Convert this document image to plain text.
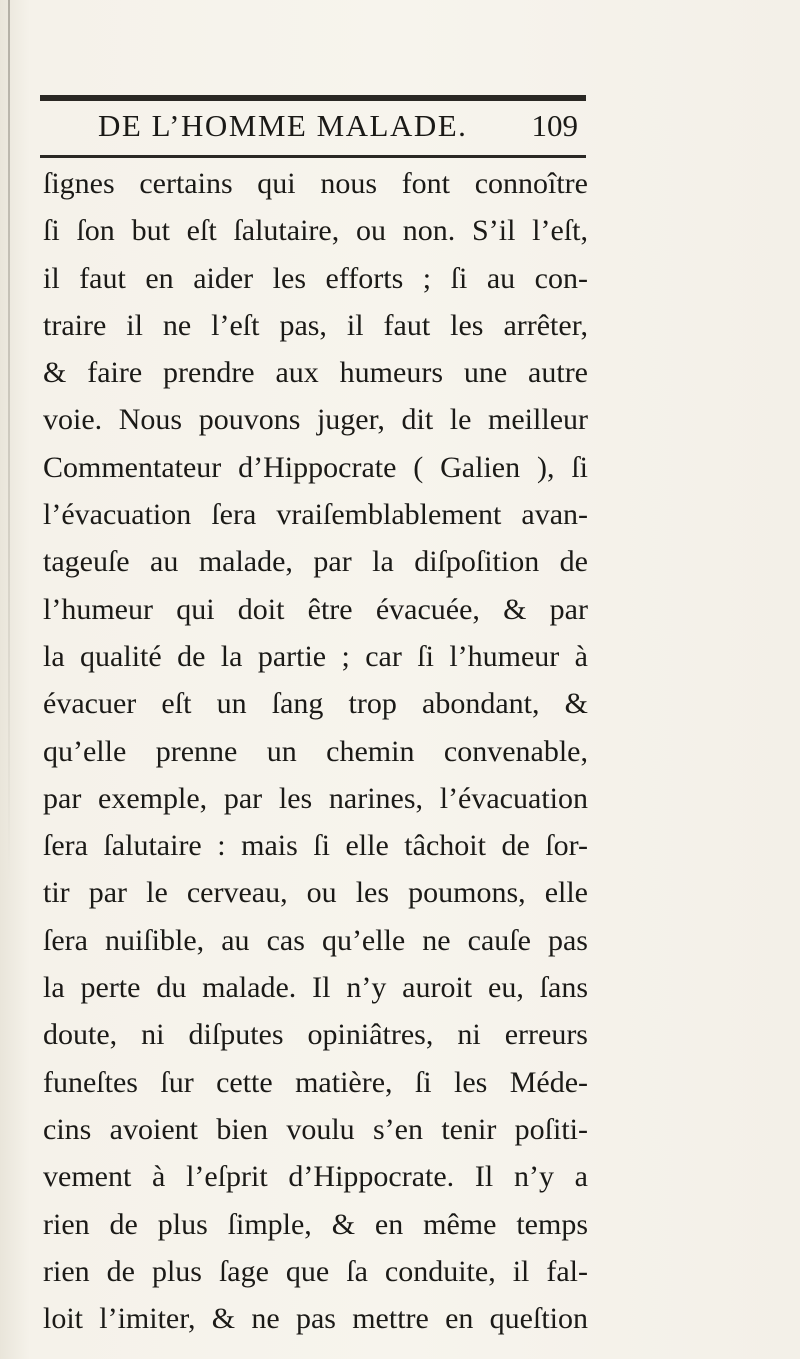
DE L’HOMME MALADE. 109
ſignes certains qui nous font connoître
ſi ſon but eſt ſalutaire, ou non. S’il l’eſt,
il faut en aider les efforts ; ſi au con-
traire il ne l’eſt pas, il faut les arrêter,
& faire prendre aux humeurs une autre
voie. Nous pouvons juger, dit le meilleur
Commentateur d’Hippocrate ( Galien ), ſi
l’évacuation ſera vraiſemblablement avan-
tageuſe au malade, par la diſpoſition de
l’humeur qui doit être évacuée, & par
la qualité de la partie ; car ſi l’humeur à
évacuer eſt un ſang trop abondant, &
qu’elle prenne un chemin convenable,
par exemple, par les narines, l’évacuation
ſera ſalutaire : mais ſi elle tâchoit de ſor-
tir par le cerveau, ou les poumons, elle
ſera nuiſible, au cas qu’elle ne cauſe pas
la perte du malade. Il n’y auroit eu, ſans
doute, ni diſputes opiniâtres, ni erreurs
funeſtes ſur cette matière, ſi les Méde-
cins avoient bien voulu s’en tenir poſiti-
vement à l’eſprit d’Hippocrate. Il n’y a
rien de plus ſimple, & en même temps
rien de plus ſage que ſa conduite, il fal-
loit l’imiter, & ne pas mettre en queſtion
